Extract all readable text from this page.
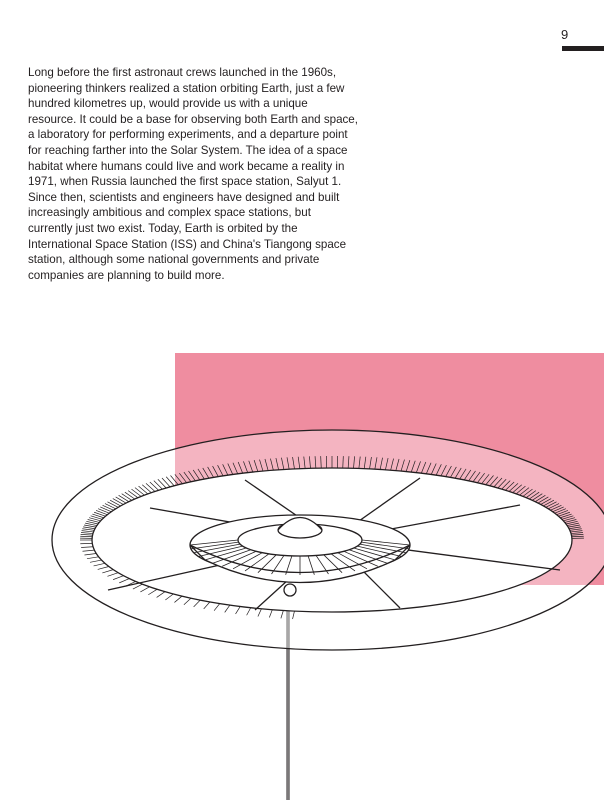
9

Long before the first astronaut crews launched in the 1960s, pioneering thinkers realized a station orbiting Earth, just a few hundred kilometres up, would provide us with a unique resource. It could be a base for observing both Earth and space, a laboratory for performing experiments, and a departure point for reaching farther into the Solar System. The idea of a space habitat where humans could live and work became a reality in 1971, when Russia launched the first space station, Salyut 1. Since then, scientists and engineers have designed and built increasingly ambitious and complex space stations, but currently just two exist. Today, Earth is orbited by the International Space Station (ISS) and China's Tiangong space station, although some national governments and private companies are planning to build more.
